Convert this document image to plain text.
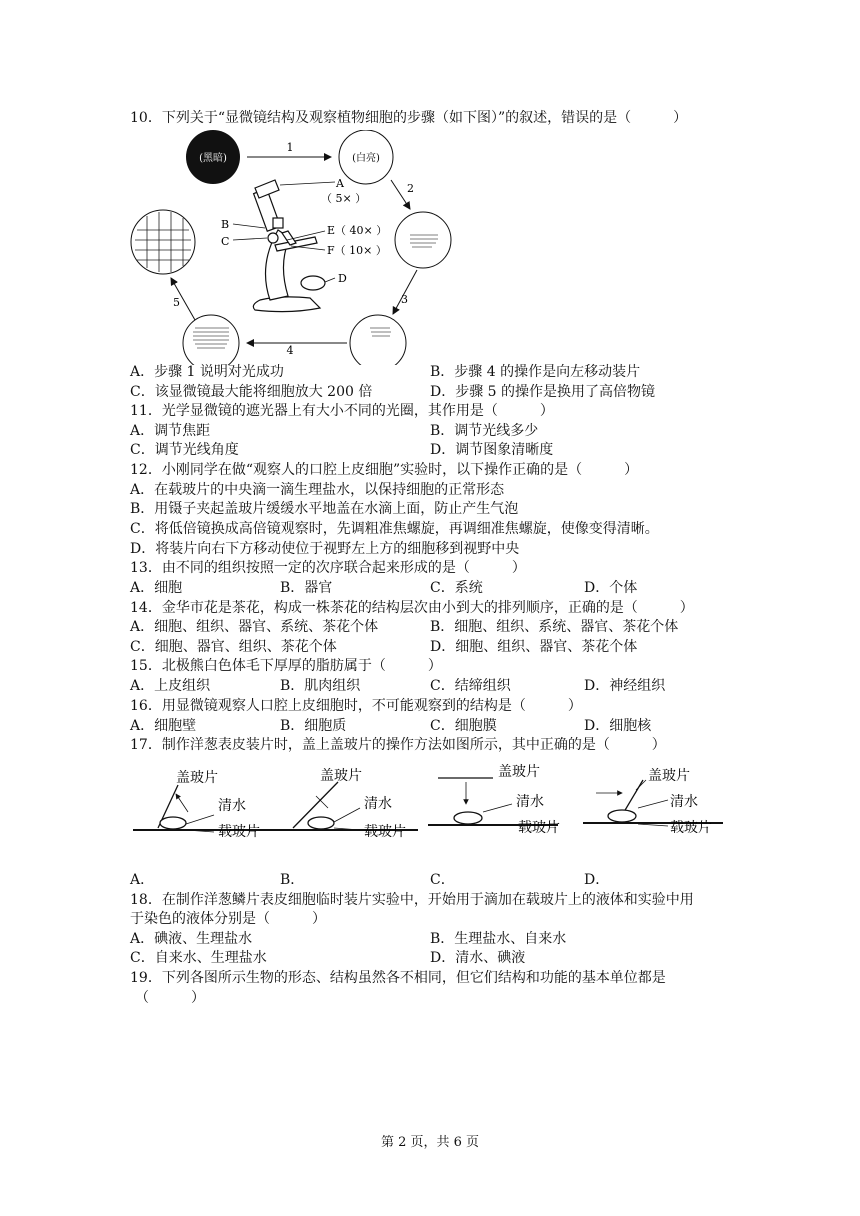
10．下列关于“显微镜结构及观察植物细胞的步骤（如下图）”的叙述，错误的是（　　　）
(黑暗)	(白亮)
1
2
3
4
5
A
（ 5× ）
B
C
E（ 40× ）
F（ 10× ）
D
A．步骤 1 说明对光成功	B．步骤 4 的操作是向左移动装片
C．该显微镜最大能将细胞放大 200 倍	D．步骤 5 的操作是换用了高倍物镜
11．光学显微镜的遮光器上有大小不同的光圈，其作用是（　　　）
A．调节焦距	B．调节光线多少
C．调节光线角度	D．调节图象清晰度
12．小刚同学在做“观察人的口腔上皮细胞”实验时，以下操作正确的是（　　　）
A．在载玻片的中央滴一滴生理盐水，以保持细胞的正常形态
B．用镊子夹起盖玻片缓缓水平地盖在水滴上面，防止产生气泡
C．将低倍镜换成高倍镜观察时，先调粗准焦螺旋，再调细准焦螺旋，使像变得清晰。
D．将装片向右下方移动使位于视野左上方的细胞移到视野中央
13．由不同的组织按照一定的次序联合起来形成的是（　　　）
A．细胞	B．器官	C．系统	D．个体
14．金华市花是茶花，构成一株茶花的结构层次由小到大的排列顺序，正确的是（　　　）
A．细胞、组织、器官、系统、茶花个体	B．细胞、组织、系统、器官、茶花个体
C．细胞、器官、组织、茶花个体	D．细胞、组织、器官、茶花个体
15．北极熊白色体毛下厚厚的脂肪属于（　　　）
A．上皮组织	B．肌肉组织	C．结缔组织	D．神经组织
16．用显微镜观察人口腔上皮细胞时，不可能观察到的结构是（　　　）
A．细胞壁	B．细胞质	C．细胞膜	D．细胞核
17．制作洋葱表皮装片时，盖上盖玻片的操作方法如图所示，其中正确的是（　　　）
盖玻片
清水
载玻片
盖玻片
清水
载玻片
盖玻片
清水
载玻片
盖玻片
清水
载玻片
A．	B．	C．	D．
18．在制作洋葱鳞片表皮细胞临时装片实验中，开始用于滴加在载玻片上的液体和实验中用
于染色的液体分别是（　　　）
A．碘液、生理盐水	B．生理盐水、自来水
C．自来水、生理盐水	D．清水、碘液
19．下列各图所示生物的形态、结构虽然各不相同，但它们结构和功能的基本单位都是
（　　　）
第 2 页，共 6 页
